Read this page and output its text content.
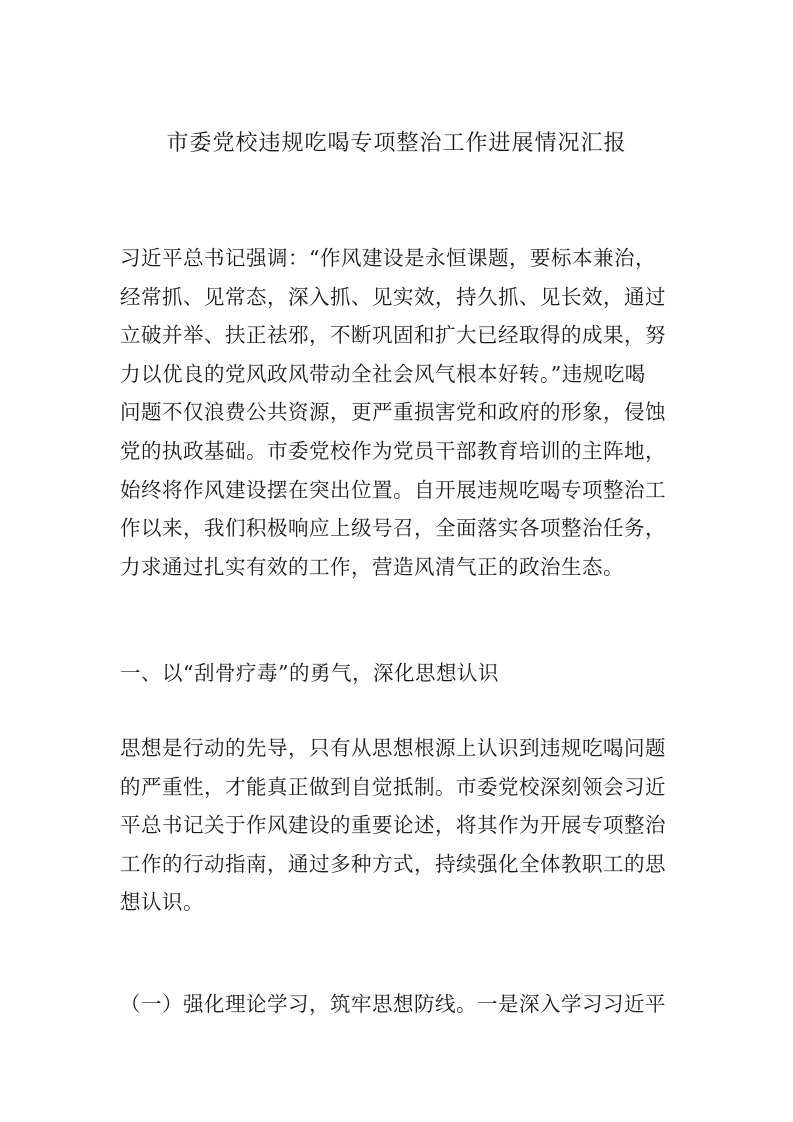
市委党校违规吃喝专项整治工作进展情况汇报
习近平总书记强调：“作风建设是永恒课题，要标本兼治，
经常抓、见常态，深入抓、见实效，持久抓、见长效，通过
立破并举、扶正祛邪，不断巩固和扩大已经取得的成果，努
力以优良的党风政风带动全社会风气根本好转。”违规吃喝
问题不仅浪费公共资源，更严重损害党和政府的形象，侵蚀
党的执政基础。市委党校作为党员干部教育培训的主阵地，
始终将作风建设摆在突出位置。自开展违规吃喝专项整治工
作以来，我们积极响应上级号召，全面落实各项整治任务，
力求通过扎实有效的工作，营造风清气正的政治生态。
一、以“刮骨疗毒”的勇气，深化思想认识
思想是行动的先导，只有从思想根源上认识到违规吃喝问题
的严重性，才能真正做到自觉抵制。市委党校深刻领会习近
平总书记关于作风建设的重要论述，将其作为开展专项整治
工作的行动指南，通过多种方式，持续强化全体教职工的思
想认识。
（一）强化理论学习，筑牢思想防线。一是深入学习习近平
